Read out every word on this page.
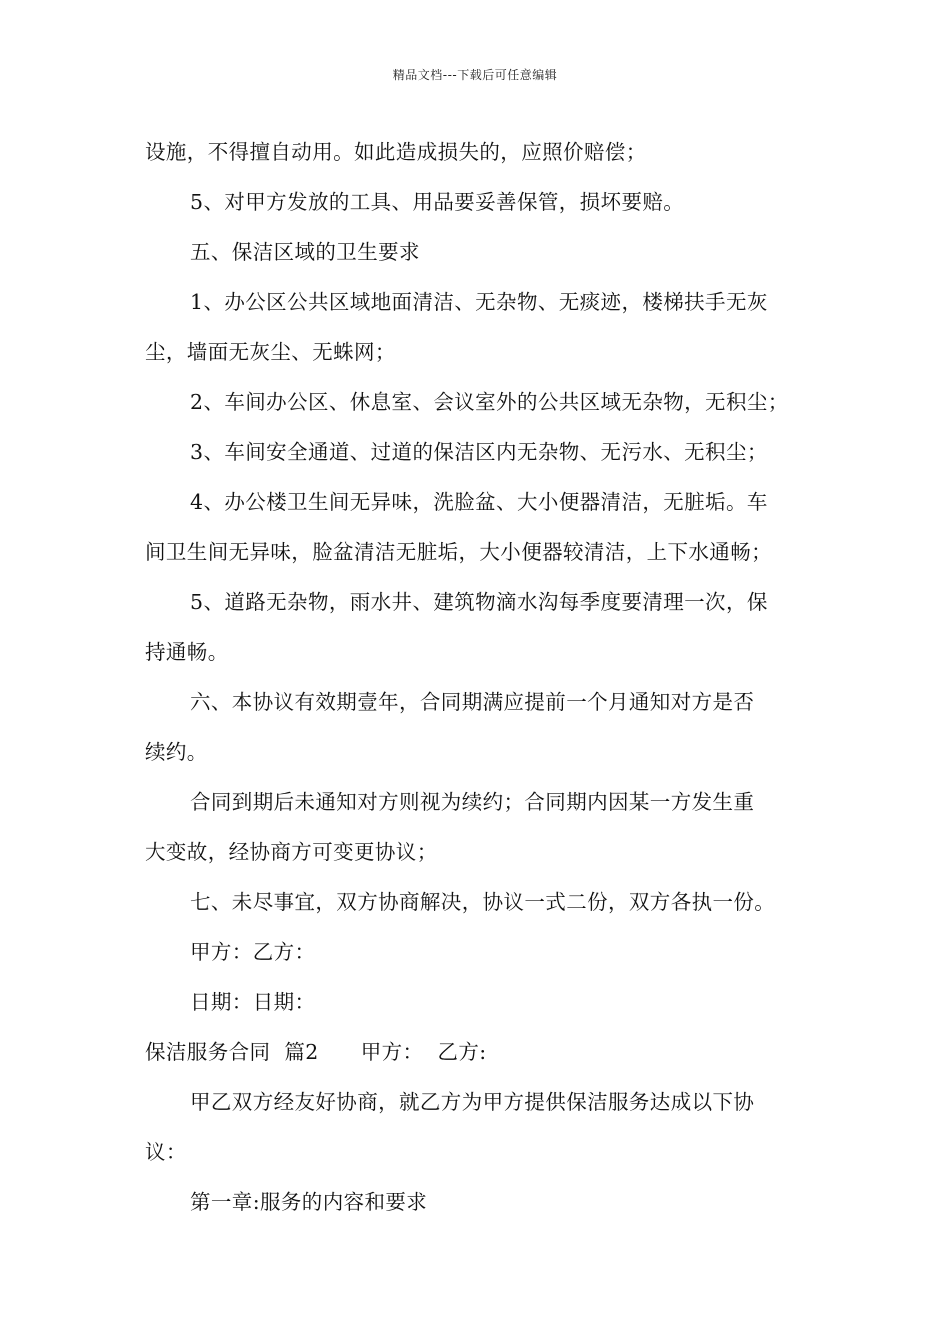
精品文档---下载后可任意编辑
设施，不得擅自动用。如此造成损失的，应照价赔偿；
5、对甲方发放的工具、用品要妥善保管，损坏要赔。
五、保洁区域的卫生要求
1、办公区公共区域地面清洁、无杂物、无痰迹，楼梯扶手无灰
尘，墙面无灰尘、无蛛网；
2、车间办公区、休息室、会议室外的公共区域无杂物，无积尘；
3、车间安全通道、过道的保洁区内无杂物、无污水、无积尘；
4、办公楼卫生间无异味，洗脸盆、大小便器清洁，无脏垢。车
间卫生间无异味，脸盆清洁无脏垢，大小便器较清洁，上下水通畅；
5、道路无杂物，雨水井、建筑物滴水沟每季度要清理一次，保
持通畅。
六、本协议有效期壹年，合同期满应提前一个月通知对方是否
续约。
合同到期后未通知对方则视为续约；合同期内因某一方发生重
大变故，经协商方可变更协议；
七、未尽事宜，双方协商解决，协议一式二份，双方各执一份。
甲方：乙方：
日期：日期：
保洁服务合同 篇2 甲方： 乙方:
甲乙双方经友好协商，就乙方为甲方提供保洁服务达成以下协
议：
第一章:服务的内容和要求
